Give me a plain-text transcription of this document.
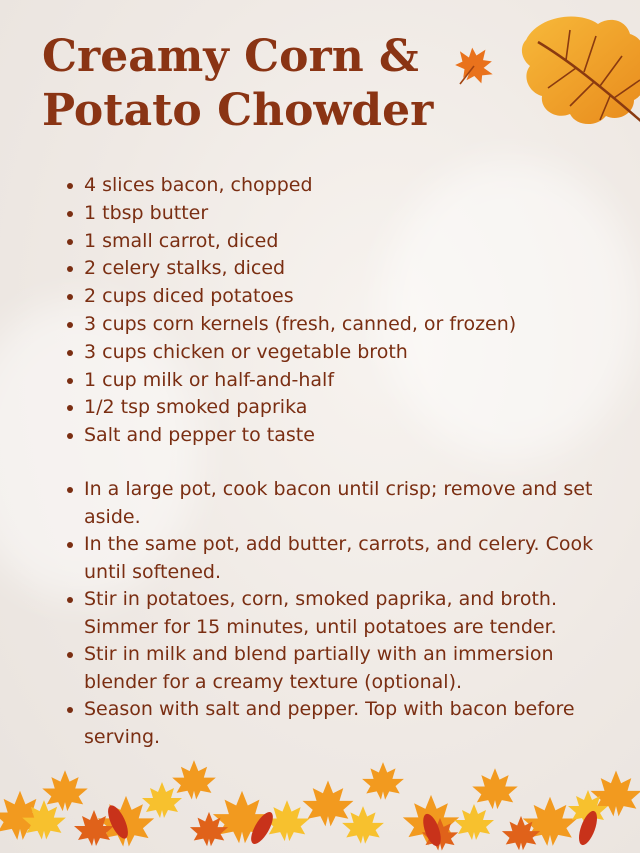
Creamy Corn &
Potato Chowder
4 slices bacon, chopped
1 tbsp butter
1 small carrot, diced
2 celery stalks, diced
2 cups diced potatoes
3 cups corn kernels (fresh, canned, or frozen)
3 cups chicken or vegetable broth
1 cup milk or half-and-half
1/2 tsp smoked paprika
Salt and pepper to taste
In a large pot, cook bacon until crisp; remove and set aside.
In the same pot, add butter, carrots, and celery. Cook until softened.
Stir in potatoes, corn, smoked paprika, and broth. Simmer for 15 minutes, until potatoes are tender.
Stir in milk and blend partially with an immersion blender for a creamy texture (optional).
Season with salt and pepper. Top with bacon before serving.
